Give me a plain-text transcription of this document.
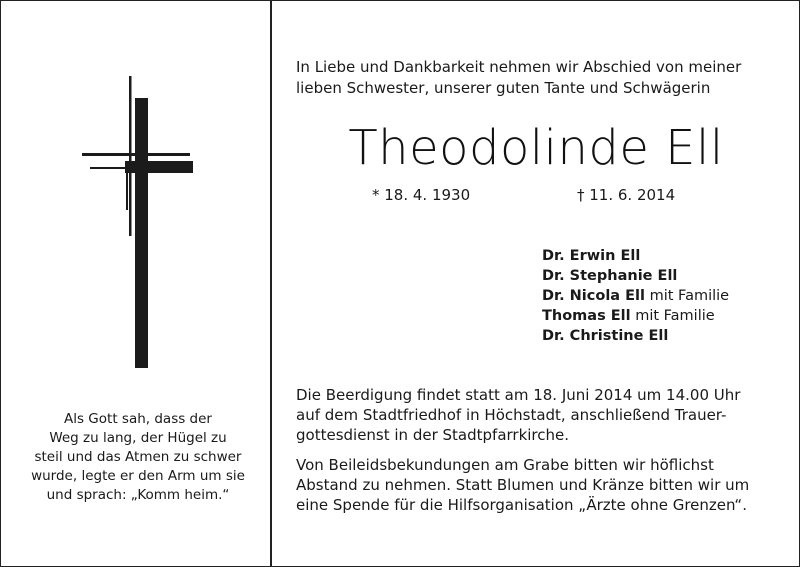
Als Gott sah, dass der
Weg zu lang, der Hügel zu
steil und das Atmen zu schwer
wurde, legte er den Arm um sie
und sprach: „Komm heim.“
In Liebe und Dankbarkeit nehmen wir Abschied von meiner
lieben Schwester, unserer guten Tante und Schwägerin
Theodolinde Ell
* 18. 4. 1930	† 11. 6. 2014
Dr. Erwin Ell
Dr. Stephanie Ell
Dr. Nicola Ell mit Familie
Thomas Ell mit Familie
Dr. Christine Ell
Die Beerdigung findet statt am 18. Juni 2014 um 14.00 Uhr
auf dem Stadtfriedhof in Höchstadt, anschließend Trauer-
gottesdienst in der Stadtpfarrkirche.
Von Beileidsbekundungen am Grabe bitten wir höflichst
Abstand zu nehmen. Statt Blumen und Kränze bitten wir um
eine Spende für die Hilfsorganisation „Ärzte ohne Grenzen“.
